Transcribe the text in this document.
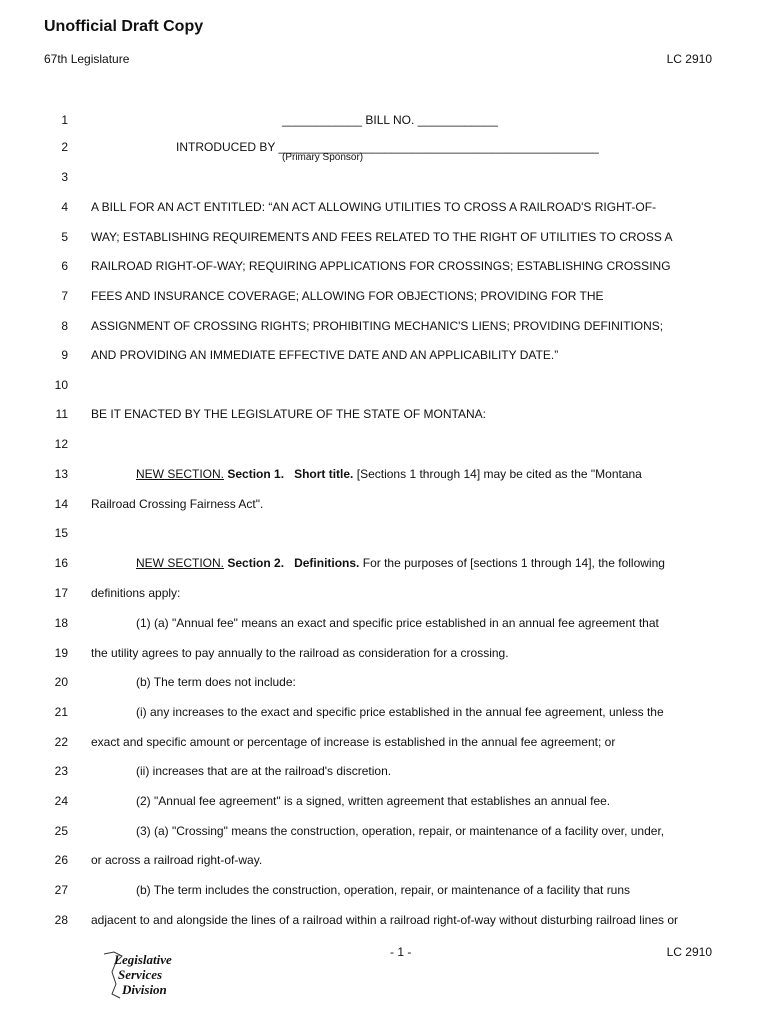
Unofficial Draft Copy
67th Legislature	LC 2910
1	____________ BILL NO. ____________
2	INTRODUCED BY ________________________________________________
(Primary Sponsor)
3
4 A BILL FOR AN ACT ENTITLED: “AN ACT ALLOWING UTILITIES TO CROSS A RAILROAD'S RIGHT-OF-
5 WAY; ESTABLISHING REQUIREMENTS AND FEES RELATED TO THE RIGHT OF UTILITIES TO CROSS A
6 RAILROAD RIGHT-OF-WAY; REQUIRING APPLICATIONS FOR CROSSINGS; ESTABLISHING CROSSING
7 FEES AND INSURANCE COVERAGE; ALLOWING FOR OBJECTIONS; PROVIDING FOR THE
8 ASSIGNMENT OF CROSSING RIGHTS; PROHIBITING MECHANIC'S LIENS; PROVIDING DEFINITIONS;
9 AND PROVIDING AN IMMEDIATE EFFECTIVE DATE AND AN APPLICABILITY DATE.”
10
11 BE IT ENACTED BY THE LEGISLATURE OF THE STATE OF MONTANA:
12
13	NEW SECTION. Section 1. Short title. [Sections 1 through 14] may be cited as the "Montana
14 Railroad Crossing Fairness Act".
15
16	NEW SECTION. Section 2. Definitions. For the purposes of [sections 1 through 14], the following
17 definitions apply:
18	(1) (a) "Annual fee" means an exact and specific price established in an annual fee agreement that
19 the utility agrees to pay annually to the railroad as consideration for a crossing.
20	(b) The term does not include:
21	(i) any increases to the exact and specific price established in the annual fee agreement, unless the
22 exact and specific amount or percentage of increase is established in the annual fee agreement; or
23	(ii) increases that are at the railroad's discretion.
24	(2) "Annual fee agreement" is a signed, written agreement that establishes an annual fee.
25	(3) (a) "Crossing" means the construction, operation, repair, or maintenance of a facility over, under,
26 or across a railroad right-of-way.
27	(b) The term includes the construction, operation, repair, or maintenance of a facility that runs
28 adjacent to and alongside the lines of a railroad within a railroad right-of-way without disturbing railroad lines or
- 1 -	LC 2910
Legislative
Services
Division
